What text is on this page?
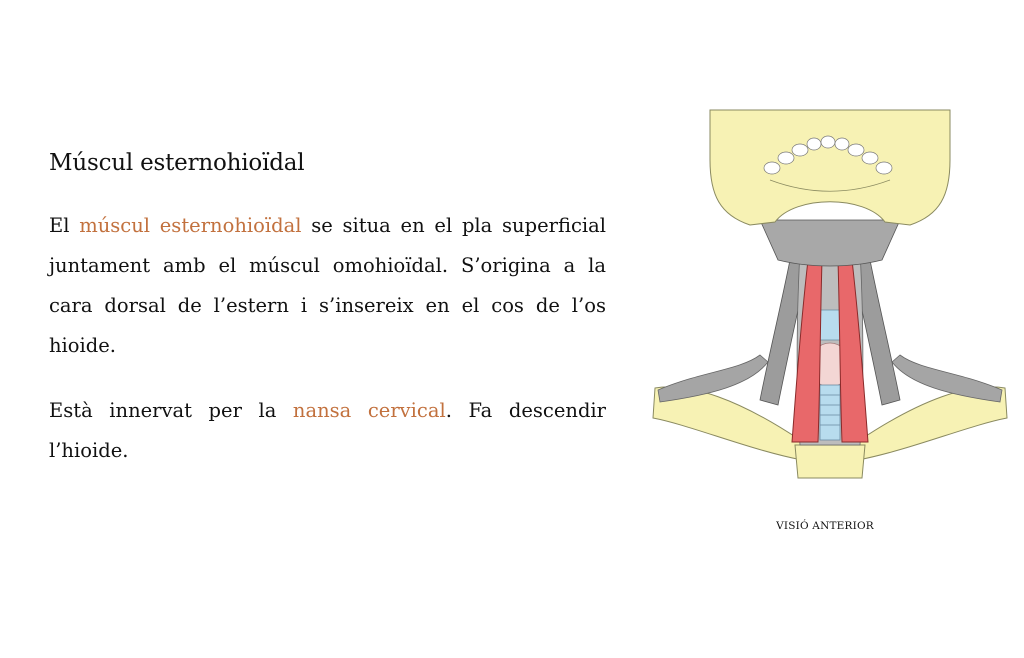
Múscul esternohioïdal

El múscul esternohioïdal se situa en el pla superficial juntament amb el múscul omohioïdal. S’origina a la cara dorsal de l’estern i s’insereix en el cos de l’os hioide.

Està innervat per la nansa cervical. Fa descendir l’hioide.

VISIÓ ANTERIOR
